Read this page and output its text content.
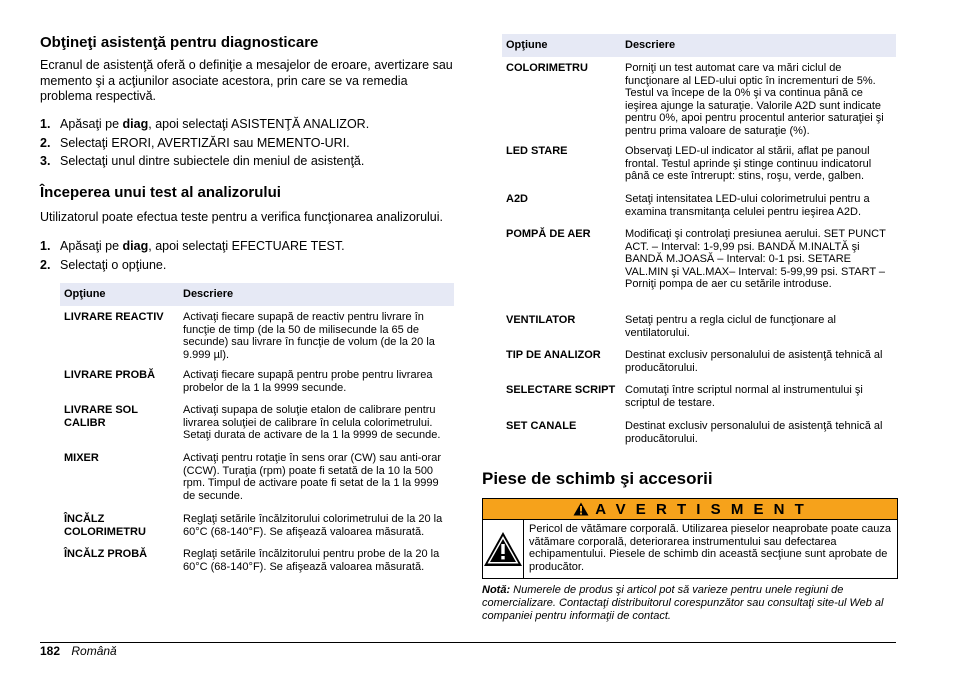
Obţineţi asistenţă pentru diagnosticare

Ecranul de asistenţă oferă o definiţie a mesajelor de eroare, avertizare sau memento şi a acţiunilor asociate acestora, prin care se va remedia problema respectivă.

1. Apăsaţi pe diag, apoi selectaţi ASISTENŢĂ ANALIZOR.
2. Selectaţi ERORI, AVERTIZĂRI sau MEMENTO-URI.
3. Selectaţi unul dintre subiectele din meniul de asistenţă.
Începerea unui test al analizorului

Utilizatorul poate efectua teste pentru a verifica funcţionarea analizorului.

1. Apăsaţi pe diag, apoi selectaţi EFECTUARE TEST.
2. Selectaţi o opţiune.
Opţiune	Descriere
LIVRARE REACTIV	Activaţi fiecare supapă de reactiv pentru livrare în funcţie de timp (de la 50 de milisecunde la 65 de secunde) sau livrare în funcţie de volum (de la 20 la 9.999 µl).
LIVRARE PROBĂ	Activaţi fiecare supapă pentru probe pentru livrarea probelor de la 1 la 9999 secunde.
LIVRARE SOL CALIBR	Activaţi supapa de soluţie etalon de calibrare pentru livrarea soluţiei de calibrare în celula colorimetrului. Setaţi durata de activare de la 1 la 9999 de secunde.
MIXER	Activaţi pentru rotaţie în sens orar (CW) sau anti-orar (CCW). Turaţia (rpm) poate fi setată de la 10 la 500 rpm. Timpul de activare poate fi setat de la 1 la 9999 de secunde.
ÎNCĂLZ COLORIMETRU	Reglaţi setările încălzitorului colorimetrului de la 20 la 60°C (68-140°F). Se afişează valoarea măsurată.
ÎNCĂLZ PROBĂ	Reglaţi setările încălzitorului pentru probe de la 20 la 60°C (68-140°F). Se afişează valoarea măsurată.
Opţiune	Descriere
COLORIMETRU	Porniţi un test automat care va mări ciclul de funcţionare al LED-ului optic în incrementuri de 5%. Testul va începe de la 0% şi va continua până ce ieşirea ajunge la saturaţie. Valorile A2D sunt indicate pentru 0%, apoi pentru procentul anterior saturaţiei şi pentru prima valoare de saturaţie (%).
LED STARE	Observaţi LED-ul indicator al stării, aflat pe panoul frontal. Testul aprinde şi stinge continuu indicatorul până ce este întrerupt: stins, roşu, verde, galben.
A2D	Setaţi intensitatea LED-ului colorimetrului pentru a examina transmitanţa celulei pentru ieşirea A2D.
POMPĂ DE AER	Modificaţi şi controlaţi presiunea aerului. SET PUNCT ACT. – Interval: 1-9,99 psi. BANDĂ M.INALTĂ şi BANDĂ M.JOASĂ – Interval: 0-1 psi. SETARE VAL.MIN şi VAL.MAX– Interval: 5-99,99 psi. START – Porniţi pompa de aer cu setările introduse.
VENTILATOR	Setaţi pentru a regla ciclul de funcţionare al ventilatorului.
TIP DE ANALIZOR	Destinat exclusiv personalului de asistenţă tehnică al producătorului.
SELECTARE SCRIPT	Comutaţi între scriptul normal al instrumentului şi scriptul de testare.
SET CANALE	Destinat exclusiv personalului de asistenţă tehnică al producătorului.
Piese de schimb şi accesorii
A V E R T I S M E N T
Pericol de vătămare corporală. Utilizarea pieselor neaprobate poate cauza vătămare corporală, deteriorarea instrumentului sau defectarea echipamentului. Piesele de schimb din această secţiune sunt aprobate de producător.
Notă: Numerele de produs şi articol pot să varieze pentru unele regiuni de comercializare. Contactaţi distribuitorul corespunzător sau consultaţi site-ul Web al companiei pentru informaţii de contact.
182 Română
